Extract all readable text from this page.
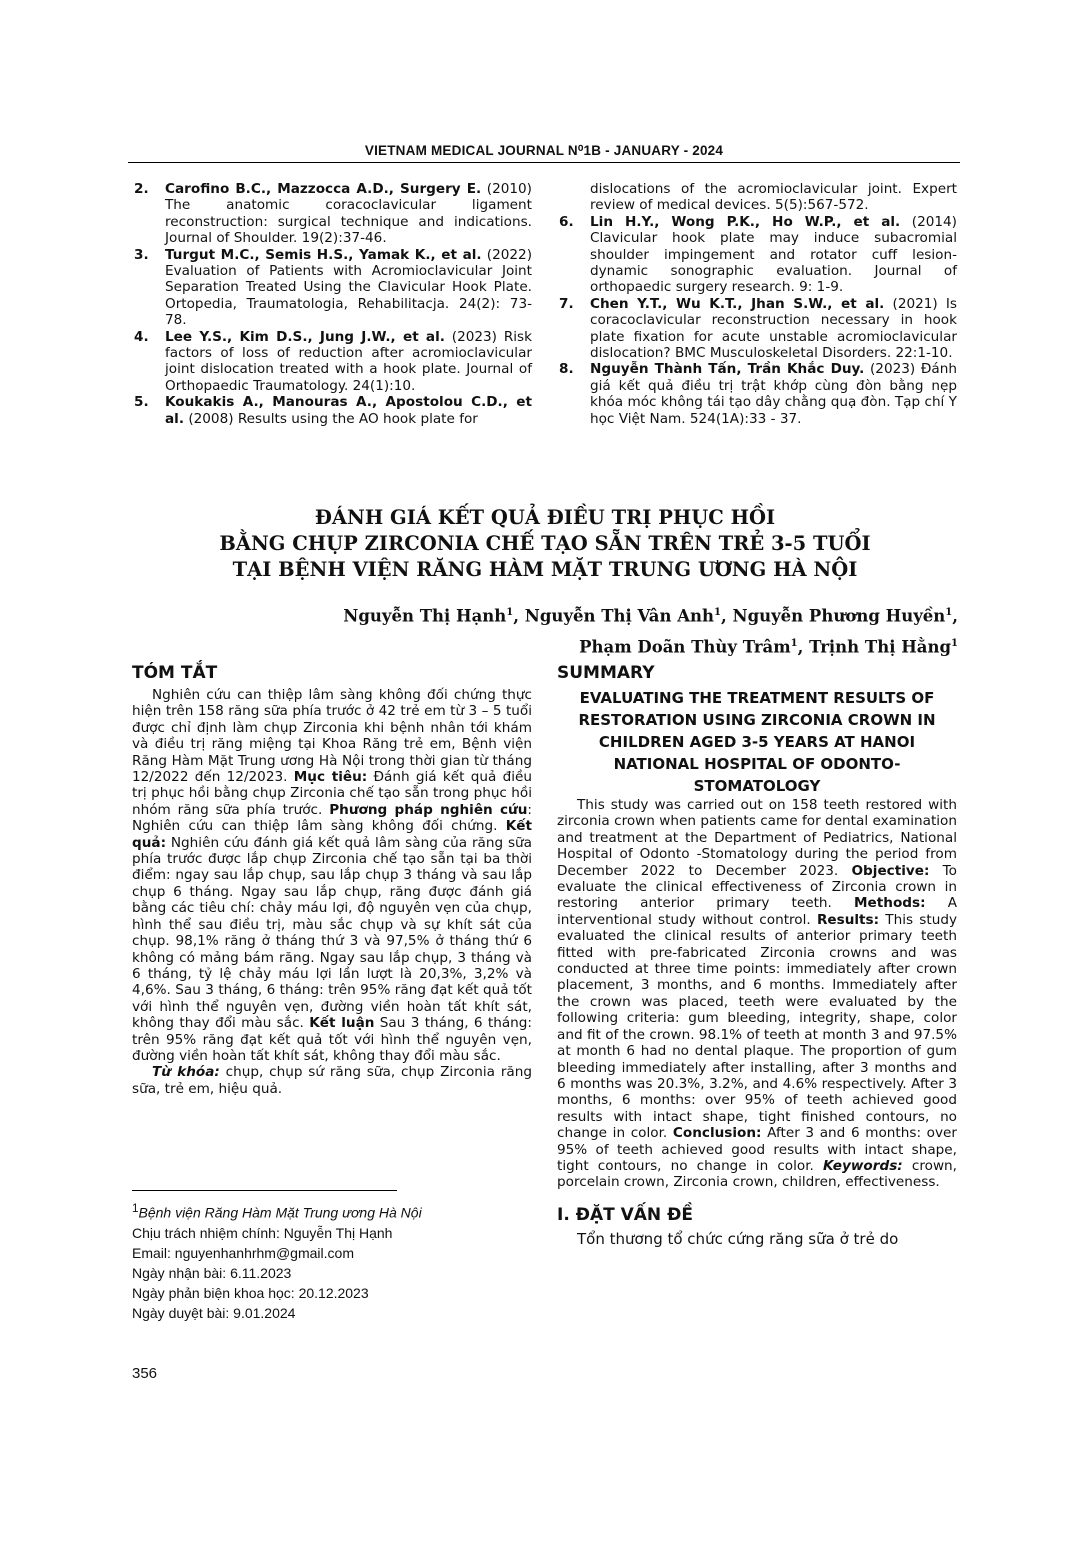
VIETNAM MEDICAL JOURNAL N⁰1B - JANUARY - 2024
2. Carofino B.C., Mazzocca A.D., Surgery E. (2010) The anatomic coracoclavicular ligament reconstruction: surgical technique and indications. Journal of Shoulder. 19(2):37-46.
3. Turgut M.C., Semis H.S., Yamak K., et al. (2022) Evaluation of Patients with Acromioclavicular Joint Separation Treated Using the Clavicular Hook Plate. Ortopedia, Traumatologia, Rehabilitacja. 24(2): 73-78.
4. Lee Y.S., Kim D.S., Jung J.W., et al. (2023) Risk factors of loss of reduction after acromioclavicular joint dislocation treated with a hook plate. Journal of Orthopaedic Traumatology. 24(1):10.
5. Koukakis A., Manouras A., Apostolou C.D., et al. (2008) Results using the AO hook plate for
dislocations of the acromioclavicular joint. Expert review of medical devices. 5(5):567-572.
6. Lin H.Y., Wong P.K., Ho W.P., et al. (2014) Clavicular hook plate may induce subacromial shoulder impingement and rotator cuff lesion-dynamic sonographic evaluation. Journal of orthopaedic surgery research. 9: 1-9.
7. Chen Y.T., Wu K.T., Jhan S.W., et al. (2021) Is coracoclavicular reconstruction necessary in hook plate fixation for acute unstable acromioclavicular dislocation? BMC Musculoskeletal Disorders. 22:1-10.
8. Nguyễn Thành Tấn, Trần Khắc Duy. (2023) Đánh giá kết quả điều trị trật khớp cùng đòn bằng nẹp khóa móc không tái tạo dây chằng quạ đòn. Tạp chí Y học Việt Nam. 524(1A):33 - 37.
ĐÁNH GIÁ KẾT QUẢ ĐIỀU TRỊ PHỤC HỒI
BẰNG CHỤP ZIRCONIA CHẾ TẠO SẴN TRÊN TRẺ 3-5 TUỔI
TẠI BỆNH VIỆN RĂNG HÀM MẶT TRUNG ƯƠNG HÀ NỘI
Nguyễn Thị Hạnh$^1$, Nguyễn Thị Vân Anh$^1$, Nguyễn Phương Huyền$^1$,
Phạm Doãn Thùy Trâm$^1$, Trịnh Thị Hằng$^1$
TÓM TẮT

Nghiên cứu can thiệp lâm sàng không đối chứng thực hiện trên 158 răng sữa phía trước ở 42 trẻ em từ 3 – 5 tuổi được chỉ định làm chụp Zirconia khi bệnh nhân tới khám và điều trị răng miệng tại Khoa Răng trẻ em, Bệnh viện Răng Hàm Mặt Trung ương Hà Nội trong thời gian từ tháng 12/2022 đến 12/2023. Mục tiêu: Đánh giá kết quả điều trị phục hồi bằng chụp Zirconia chế tạo sẵn trong phục hồi nhóm răng sữa phía trước. Phương pháp nghiên cứu: Nghiên cứu can thiệp lâm sàng không đối chứng. Kết quả: Nghiên cứu đánh giá kết quả lâm sàng của răng sữa phía trước được lắp chụp Zirconia chế tạo sẵn tại ba thời điểm: ngay sau lắp chụp, sau lắp chụp 3 tháng và sau lắp chụp 6 tháng. Ngay sau lắp chụp, răng được đánh giá bằng các tiêu chí: chảy máu lợi, độ nguyên vẹn của chụp, hình thể sau điều trị, màu sắc chụp và sự khít sát của chụp. 98,1% răng ở tháng thứ 3 và 97,5% ở tháng thứ 6 không có mảng bám răng. Ngay sau lắp chụp, 3 tháng và 6 tháng, tỷ lệ chảy máu lợi lần lượt là 20,3%, 3,2% và 4,6%. Sau 3 tháng, 6 tháng: trên 95% răng đạt kết quả tốt với hình thể nguyên vẹn, đường viền hoàn tất khít sát, không thay đổi màu sắc. Kết luận Sau 3 tháng, 6 tháng: trên 95% răng đạt kết quả tốt với hình thể nguyên vẹn, đường viền hoàn tất khít sát, không thay đổi màu sắc.

Từ khóa: chụp, chụp sứ răng sữa, chụp Zirconia răng sữa, trẻ em, hiệu quả.

$^1$Bệnh viện Răng Hàm Mặt Trung ương Hà Nội
Chịu trách nhiệm chính: Nguyễn Thị Hạnh
Email: nguyenhanhrhm@gmail.com
Ngày nhận bài: 6.11.2023
Ngày phản biện khoa học: 20.12.2023
Ngày duyệt bài: 9.01.2024
SUMMARY
EVALUATING THE TREATMENT RESULTS OF RESTORATION USING ZIRCONIA CROWN IN CHILDREN AGED 3-5 YEARS AT HANOI NATIONAL HOSPITAL OF ODONTO-STOMATOLOGY

This study was carried out on 158 teeth restored with zirconia crown when patients came for dental examination and treatment at the Department of Pediatrics, National Hospital of Odonto -Stomatology during the period from December 2022 to December 2023. Objective: To evaluate the clinical effectiveness of Zirconia crown in restoring anterior primary teeth. Methods: A interventional study without control. Results: This study evaluated the clinical results of anterior primary teeth fitted with pre-fabricated Zirconia crowns and was conducted at three time points: immediately after crown placement, 3 months, and 6 months. Immediately after the crown was placed, teeth were evaluated by the following criteria: gum bleeding, integrity, shape, color and fit of the crown. 98.1% of teeth at month 3 and 97.5% at month 6 had no dental plaque. The proportion of gum bleeding immediately after installing, after 3 months and 6 months was 20.3%, 3.2%, and 4.6% respectively. After 3 months, 6 months: over 95% of teeth achieved good results with intact shape, tight finished contours, no change in color. Conclusion: After 3 and 6 months: over 95% of teeth achieved good results with intact shape, tight contours, no change in color. Keywords: crown, porcelain crown, Zirconia crown, children, effectiveness.

I. ĐẶT VẤN ĐỀ

Tổn thương tổ chức cứng răng sữa ở trẻ do

356
